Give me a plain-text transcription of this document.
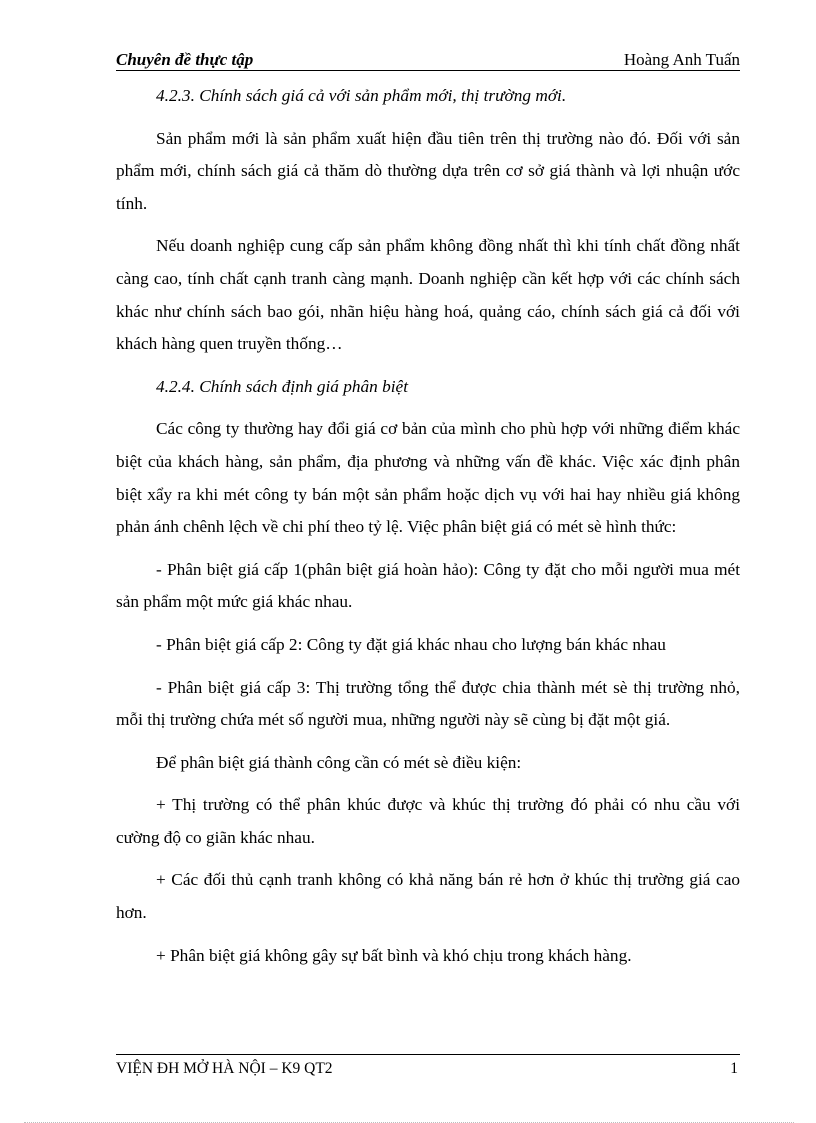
Chuyên đề thực tập	Hoàng Anh Tuấn

4.2.3. Chính sách giá cả với sản phẩm mới, thị trường mới.

Sản phẩm mới là sản phẩm xuất hiện đầu tiên trên thị trường nào đó. Đối với sản phẩm mới, chính sách giá cả thăm dò thường dựa trên cơ sở giá thành và lợi nhuận ước tính.

Nếu doanh nghiệp cung cấp sản phẩm không đồng nhất thì khi tính chất đồng nhất càng cao, tính chất cạnh tranh càng mạnh. Doanh nghiệp cần kết hợp với các chính sách khác như chính sách bao gói, nhãn hiệu hàng hoá, quảng cáo, chính sách giá cả đối với khách hàng quen truyền thống…

4.2.4. Chính sách định giá phân biệt

Các công ty thường hay đổi giá cơ bản của mình cho phù hợp với những điểm khác biệt của khách hàng, sản phẩm, địa phương và những vấn đề khác. Việc xác định phân biệt xẩy ra khi mét công ty bán một sản phẩm hoặc dịch vụ với hai hay nhiều giá không phản ánh chênh lệch về chi phí theo tỷ lệ. Việc phân biệt giá có mét sè hình thức:

- Phân biệt giá cấp 1(phân biệt giá hoàn hảo): Công ty đặt cho mỗi người mua mét sản phẩm một mức giá khác nhau.

- Phân biệt giá cấp 2: Công ty đặt giá khác nhau cho lượng bán khác nhau

- Phân biệt giá cấp 3: Thị trường tổng thể được chia thành mét sè thị trường nhỏ, mỗi thị trường chứa mét số người mua, những người này sẽ cùng bị đặt một giá.

Để phân biệt giá thành công cần có mét sè điều kiện:

+ Thị trường có thể phân khúc được và khúc thị trường đó phải có nhu cầu với cường độ co giãn khác nhau.

+ Các đối thủ cạnh tranh không có khả năng bán rẻ hơn ở khúc thị trường giá cao hơn.

+ Phân biệt giá không gây sự bất bình và khó chịu trong khách hàng.

VIỆN ĐH MỞ HÀ NỘI – K9 QT2	1
